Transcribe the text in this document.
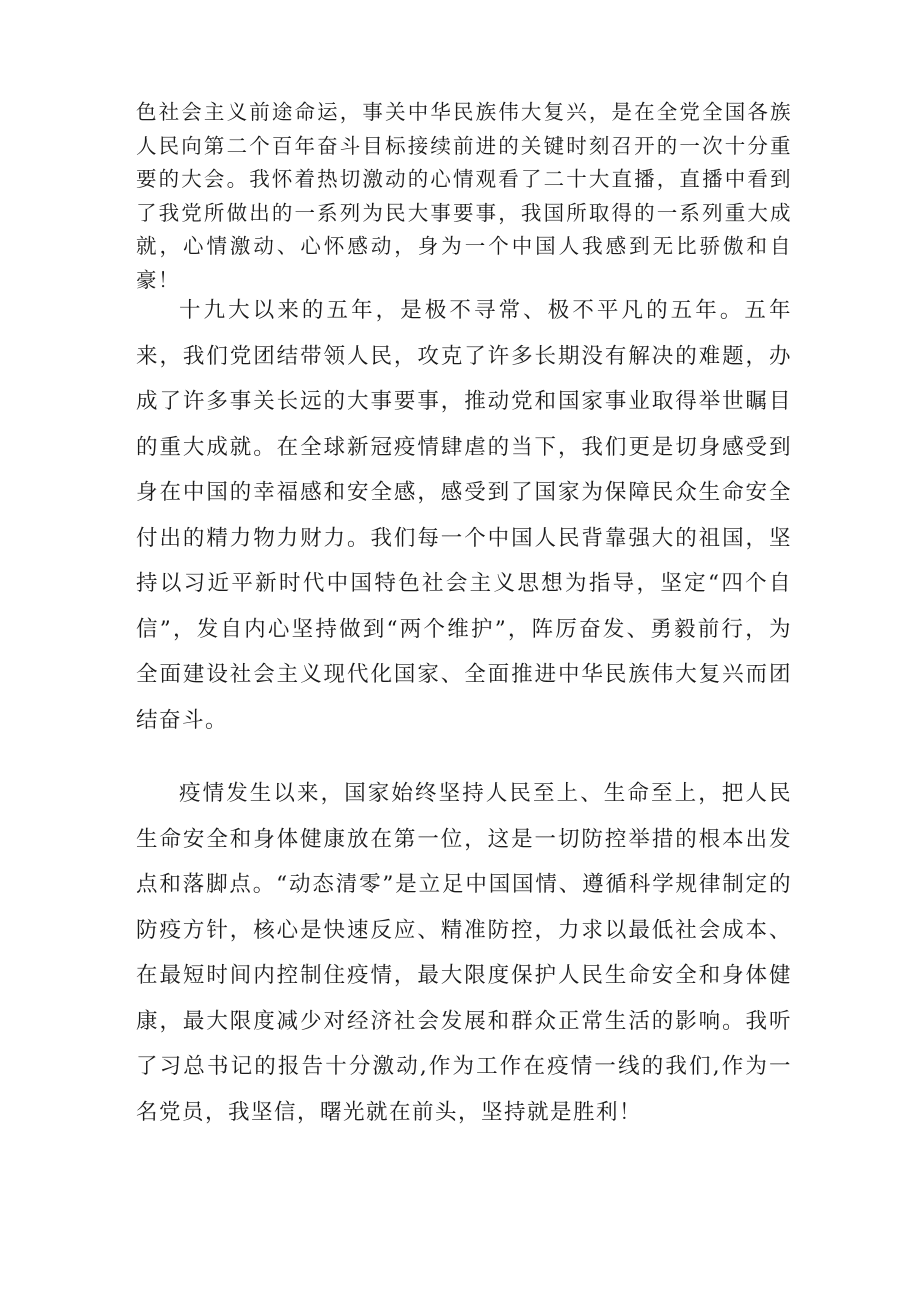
色社会主义前途命运，事关中华民族伟大复兴，是在全党全国各族人民向第二个百年奋斗目标接续前进的关键时刻召开的一次十分重要的大会。我怀着热切激动的心情观看了二十大直播，直播中看到了我党所做出的一系列为民大事要事，我国所取得的一系列重大成就，心情激动、心怀感动，身为一个中国人我感到无比骄傲和自豪！

十九大以来的五年，是极不寻常、极不平凡的五年。五年来，我们党团结带领人民，攻克了许多长期没有解决的难题，办成了许多事关长远的大事要事，推动党和国家事业取得举世瞩目的重大成就。在全球新冠疫情肆虐的当下，我们更是切身感受到身在中国的幸福感和安全感，感受到了国家为保障民众生命安全付出的精力物力财力。我们每一个中国人民背靠强大的祖国，坚持以习近平新时代中国特色社会主义思想为指导，坚定“四个自信”，发自内心坚持做到“两个维护”，阵厉奋发、勇毅前行，为全面建设社会主义现代化国家、全面推进中华民族伟大复兴而团结奋斗。

疫情发生以来，国家始终坚持人民至上、生命至上，把人民生命安全和身体健康放在第一位，这是一切防控举措的根本出发点和落脚点。“动态清零”是立足中国国情、遵循科学规律制定的防疫方针，核心是快速反应、精准防控，力求以最低社会成本、在最短时间内控制住疫情，最大限度保护人民生命安全和身体健康，最大限度减少对经济社会发展和群众正常生活的影响。我听了习总书记的报告十分激动,作为工作在疫情一线的我们,作为一名党员，我坚信，曙光就在前头，坚持就是胜利！
